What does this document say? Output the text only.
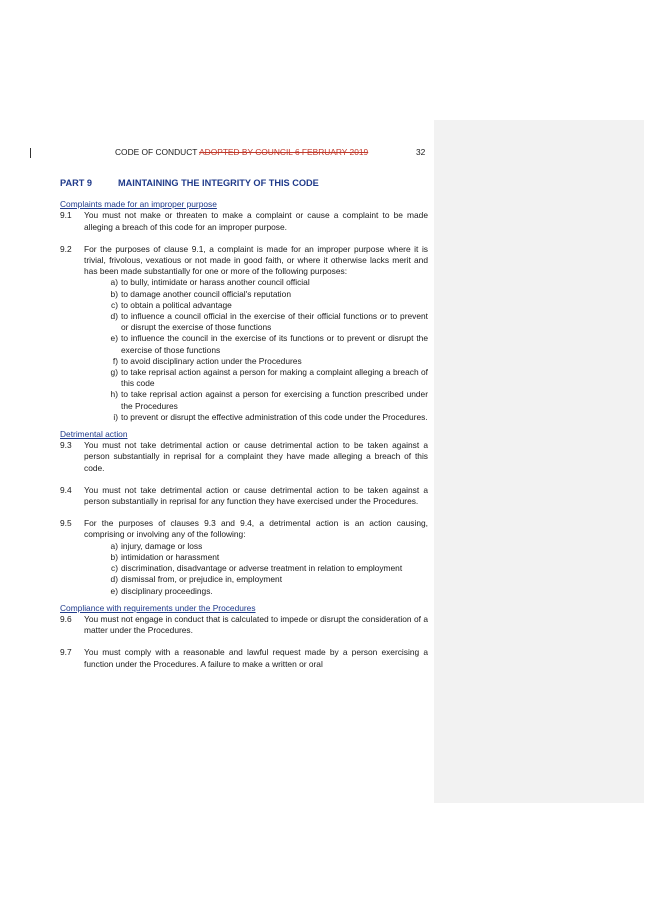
CODE OF CONDUCT ADOPTED BY COUNCIL 6 FEBRUARY 2019	32
PART 9	MAINTAINING THE INTEGRITY OF THIS CODE
Complaints made for an improper purpose
9.1	You must not make or threaten to make a complaint or cause a complaint to be made alleging a breach of this code for an improper purpose.
9.2	For the purposes of clause 9.1, a complaint is made for an improper purpose where it is trivial, frivolous, vexatious or not made in good faith, or where it otherwise lacks merit and has been made substantially for one or more of the following purposes:
a) to bully, intimidate or harass another council official
b) to damage another council official's reputation
c) to obtain a political advantage
d) to influence a council official in the exercise of their official functions or to prevent or disrupt the exercise of those functions
e) to influence the council in the exercise of its functions or to prevent or disrupt the exercise of those functions
f) to avoid disciplinary action under the Procedures
g) to take reprisal action against a person for making a complaint alleging a breach of this code
h) to take reprisal action against a person for exercising a function prescribed under the Procedures
i) to prevent or disrupt the effective administration of this code under the Procedures.
Detrimental action
9.3	You must not take detrimental action or cause detrimental action to be taken against a person substantially in reprisal for a complaint they have made alleging a breach of this code.
9.4	You must not take detrimental action or cause detrimental action to be taken against a person substantially in reprisal for any function they have exercised under the Procedures.
9.5	For the purposes of clauses 9.3 and 9.4, a detrimental action is an action causing, comprising or involving any of the following:
a) injury, damage or loss
b) intimidation or harassment
c) discrimination, disadvantage or adverse treatment in relation to employment
d) dismissal from, or prejudice in, employment
e) disciplinary proceedings.
Compliance with requirements under the Procedures
9.6	You must not engage in conduct that is calculated to impede or disrupt the consideration of a matter under the Procedures.
9.7	You must comply with a reasonable and lawful request made by a person exercising a function under the Procedures. A failure to make a written or oral
